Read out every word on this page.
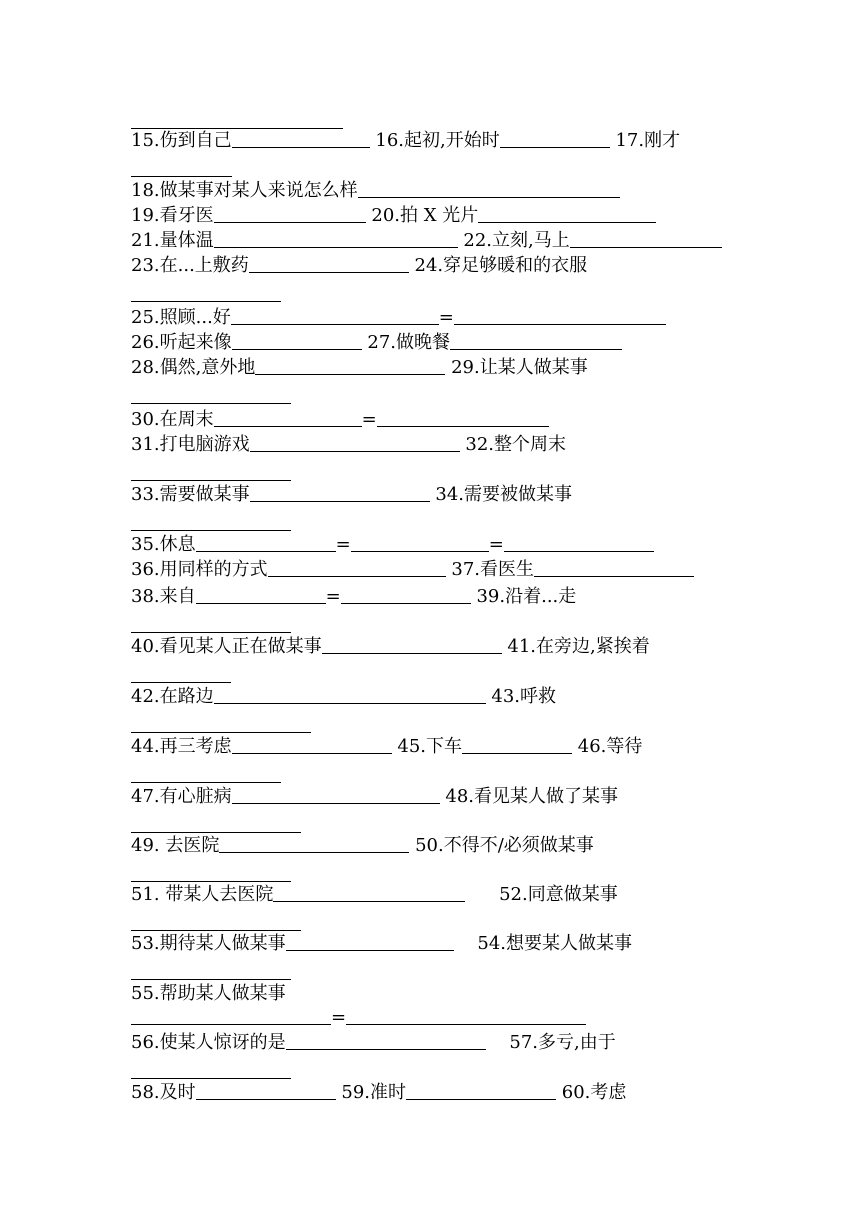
15.伤到自己	16.起初,开始时	17.刚才
18.做某事对某人来说怎么样
19.看牙医	20.拍 X 光片
21.量体温	22.立刻,马上
23.在...上敷药	24.穿足够暖和的衣服
25.照顾...好	=
26.听起来像	27.做晚餐
28.偶然,意外地	29.让某人做某事
30.在周末	=
31.打电脑游戏	32.整个周末
33.需要做某事	34.需要被做某事
35.休息	=	=
36.用同样的方式	37.看医生
38.来自	=	39.沿着...走
40.看见某人正在做某事	41.在旁边,紧挨着
42.在路边	43.呼救
44.再三考虑	45.下车	46.等待
47.有心脏病	48.看见某人做了某事
49. 去医院	50.不得不/必须做某事
51. 带某人去医院	52.同意做某事
53.期待某人做某事	54.想要某人做某事
55.帮助某人做某事
=
56.使某人惊讶的是	57.多亏,由于
58.及时	59.准时	60.考虑
